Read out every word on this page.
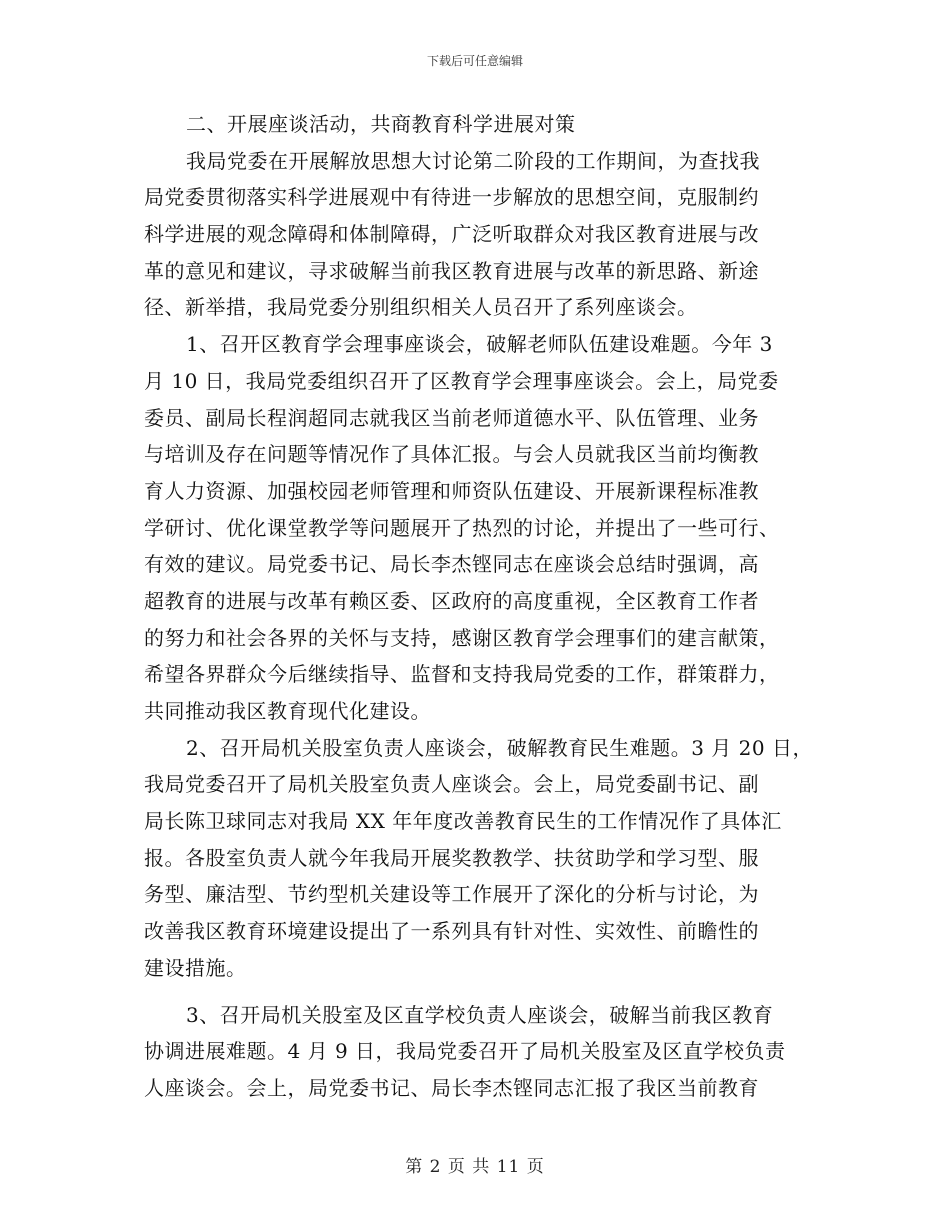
下载后可任意编辑
二、开展座谈活动，共商教育科学进展对策
我局党委在开展解放思想大讨论第二阶段的工作期间，为查找我
局党委贯彻落实科学进展观中有待进一步解放的思想空间，克服制约
科学进展的观念障碍和体制障碍，广泛听取群众对我区教育进展与改
革的意见和建议，寻求破解当前我区教育进展与改革的新思路、新途
径、新举措，我局党委分别组织相关人员召开了系列座谈会。
1、召开区教育学会理事座谈会，破解老师队伍建设难题。今年 3
月 10 日，我局党委组织召开了区教育学会理事座谈会。会上，局党委
委员、副局长程润超同志就我区当前老师道德水平、队伍管理、业务
与培训及存在问题等情况作了具体汇报。与会人员就我区当前均衡教
育人力资源、加强校园老师管理和师资队伍建设、开展新课程标准教
学研讨、优化课堂教学等问题展开了热烈的讨论，并提出了一些可行、
有效的建议。局党委书记、局长李杰铿同志在座谈会总结时强调，高
超教育的进展与改革有赖区委、区政府的高度重视，全区教育工作者
的努力和社会各界的关怀与支持，感谢区教育学会理事们的建言献策，
希望各界群众今后继续指导、监督和支持我局党委的工作，群策群力，
共同推动我区教育现代化建设。
2、召开局机关股室负责人座谈会，破解教育民生难题。3 月 20 日，
我局党委召开了局机关股室负责人座谈会。会上，局党委副书记、副
局长陈卫球同志对我局 XX 年年度改善教育民生的工作情况作了具体汇
报。各股室负责人就今年我局开展奖教教学、扶贫助学和学习型、服
务型、廉洁型、节约型机关建设等工作展开了深化的分析与讨论，为
改善我区教育环境建设提出了一系列具有针对性、实效性、前瞻性的
建设措施。
3、召开局机关股室及区直学校负责人座谈会，破解当前我区教育
协调进展难题。4 月 9 日，我局党委召开了局机关股室及区直学校负责
人座谈会。会上，局党委书记、局长李杰铿同志汇报了我区当前教育
第 2 页 共 11 页
